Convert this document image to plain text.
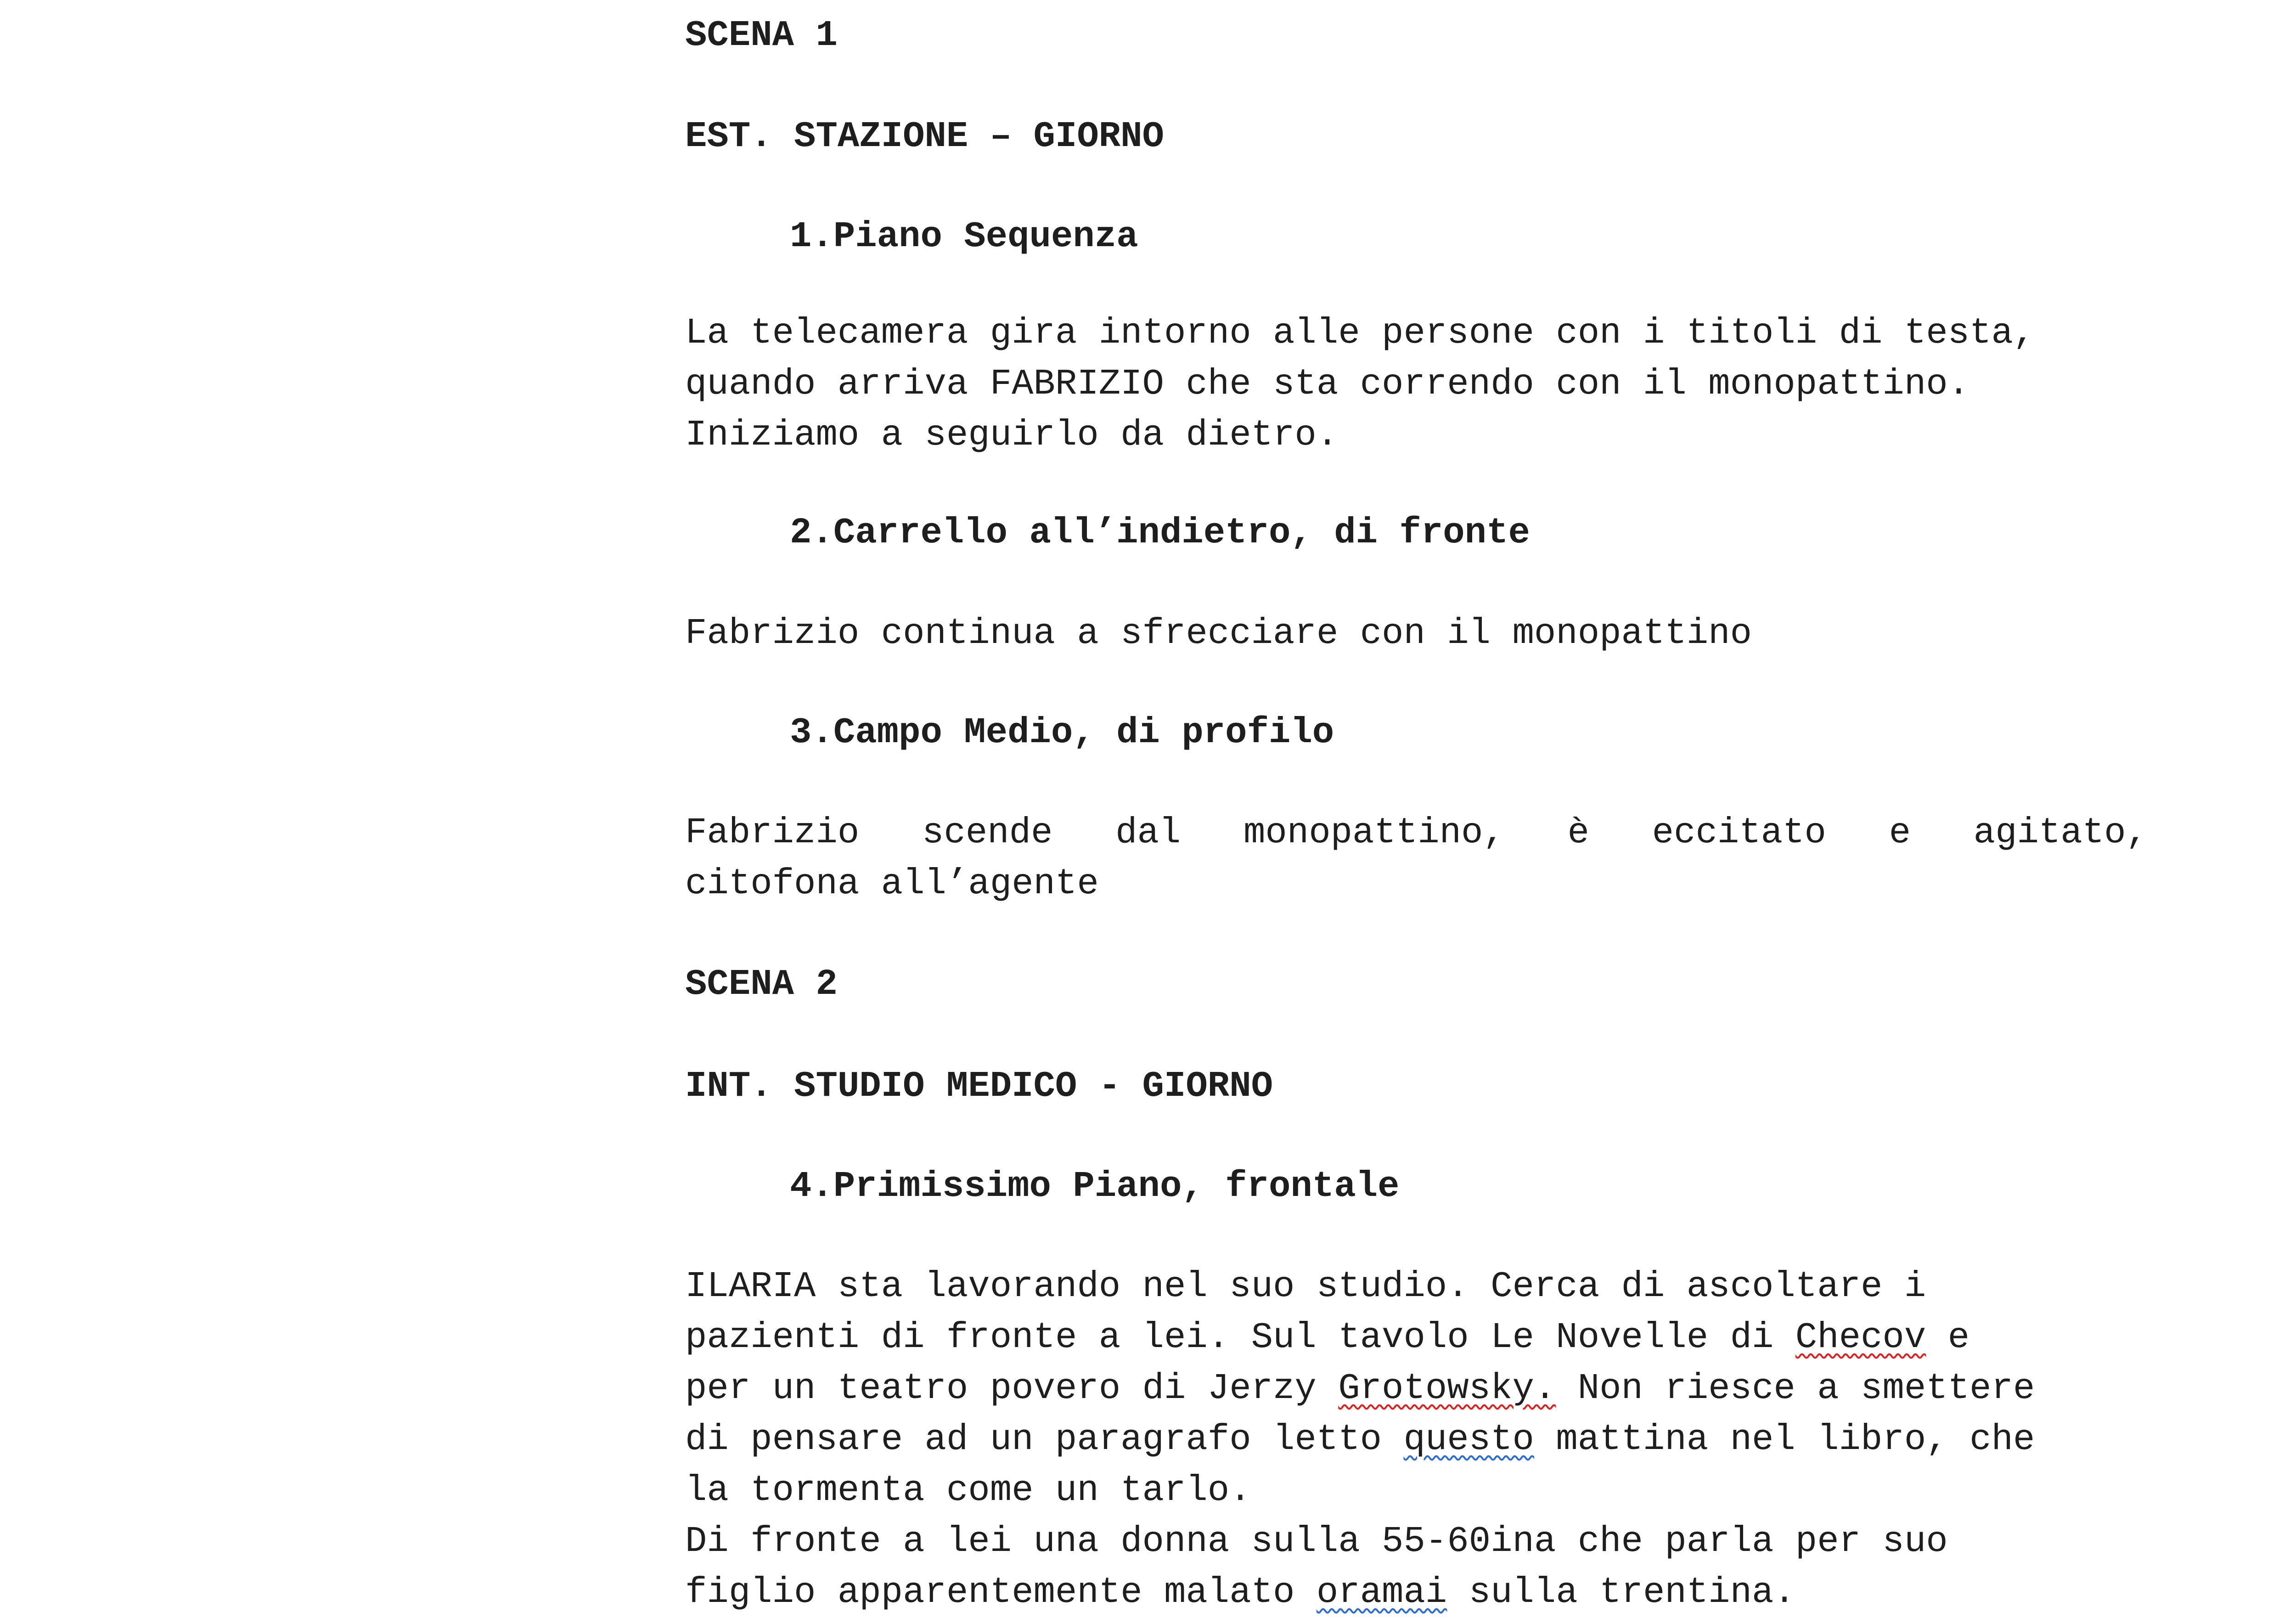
SCENA 1
EST. STAZIONE – GIORNO
1.Piano Sequenza
La telecamera gira intorno alle persone con i titoli di testa,
quando arriva FABRIZIO che sta correndo con il monopattino.
Iniziamo a seguirlo da dietro.
2.Carrello all’indietro, di fronte
Fabrizio continua a sfrecciare con il monopattino
3.Campo Medio, di profilo
Fabrizio scende dal monopattino, è eccitato e agitato,
citofona all’agente
SCENA 2
INT. STUDIO MEDICO - GIORNO
4.Primissimo Piano, frontale
ILARIA sta lavorando nel suo studio. Cerca di ascoltare i
pazienti di fronte a lei. Sul tavolo Le Novelle di Checov e
per un teatro povero di Jerzy Grotowsky. Non riesce a smettere
di pensare ad un paragrafo letto questo mattina nel libro, che
la tormenta come un tarlo.
Di fronte a lei una donna sulla 55-60ina che parla per suo
figlio apparentemente malato oramai sulla trentina.
